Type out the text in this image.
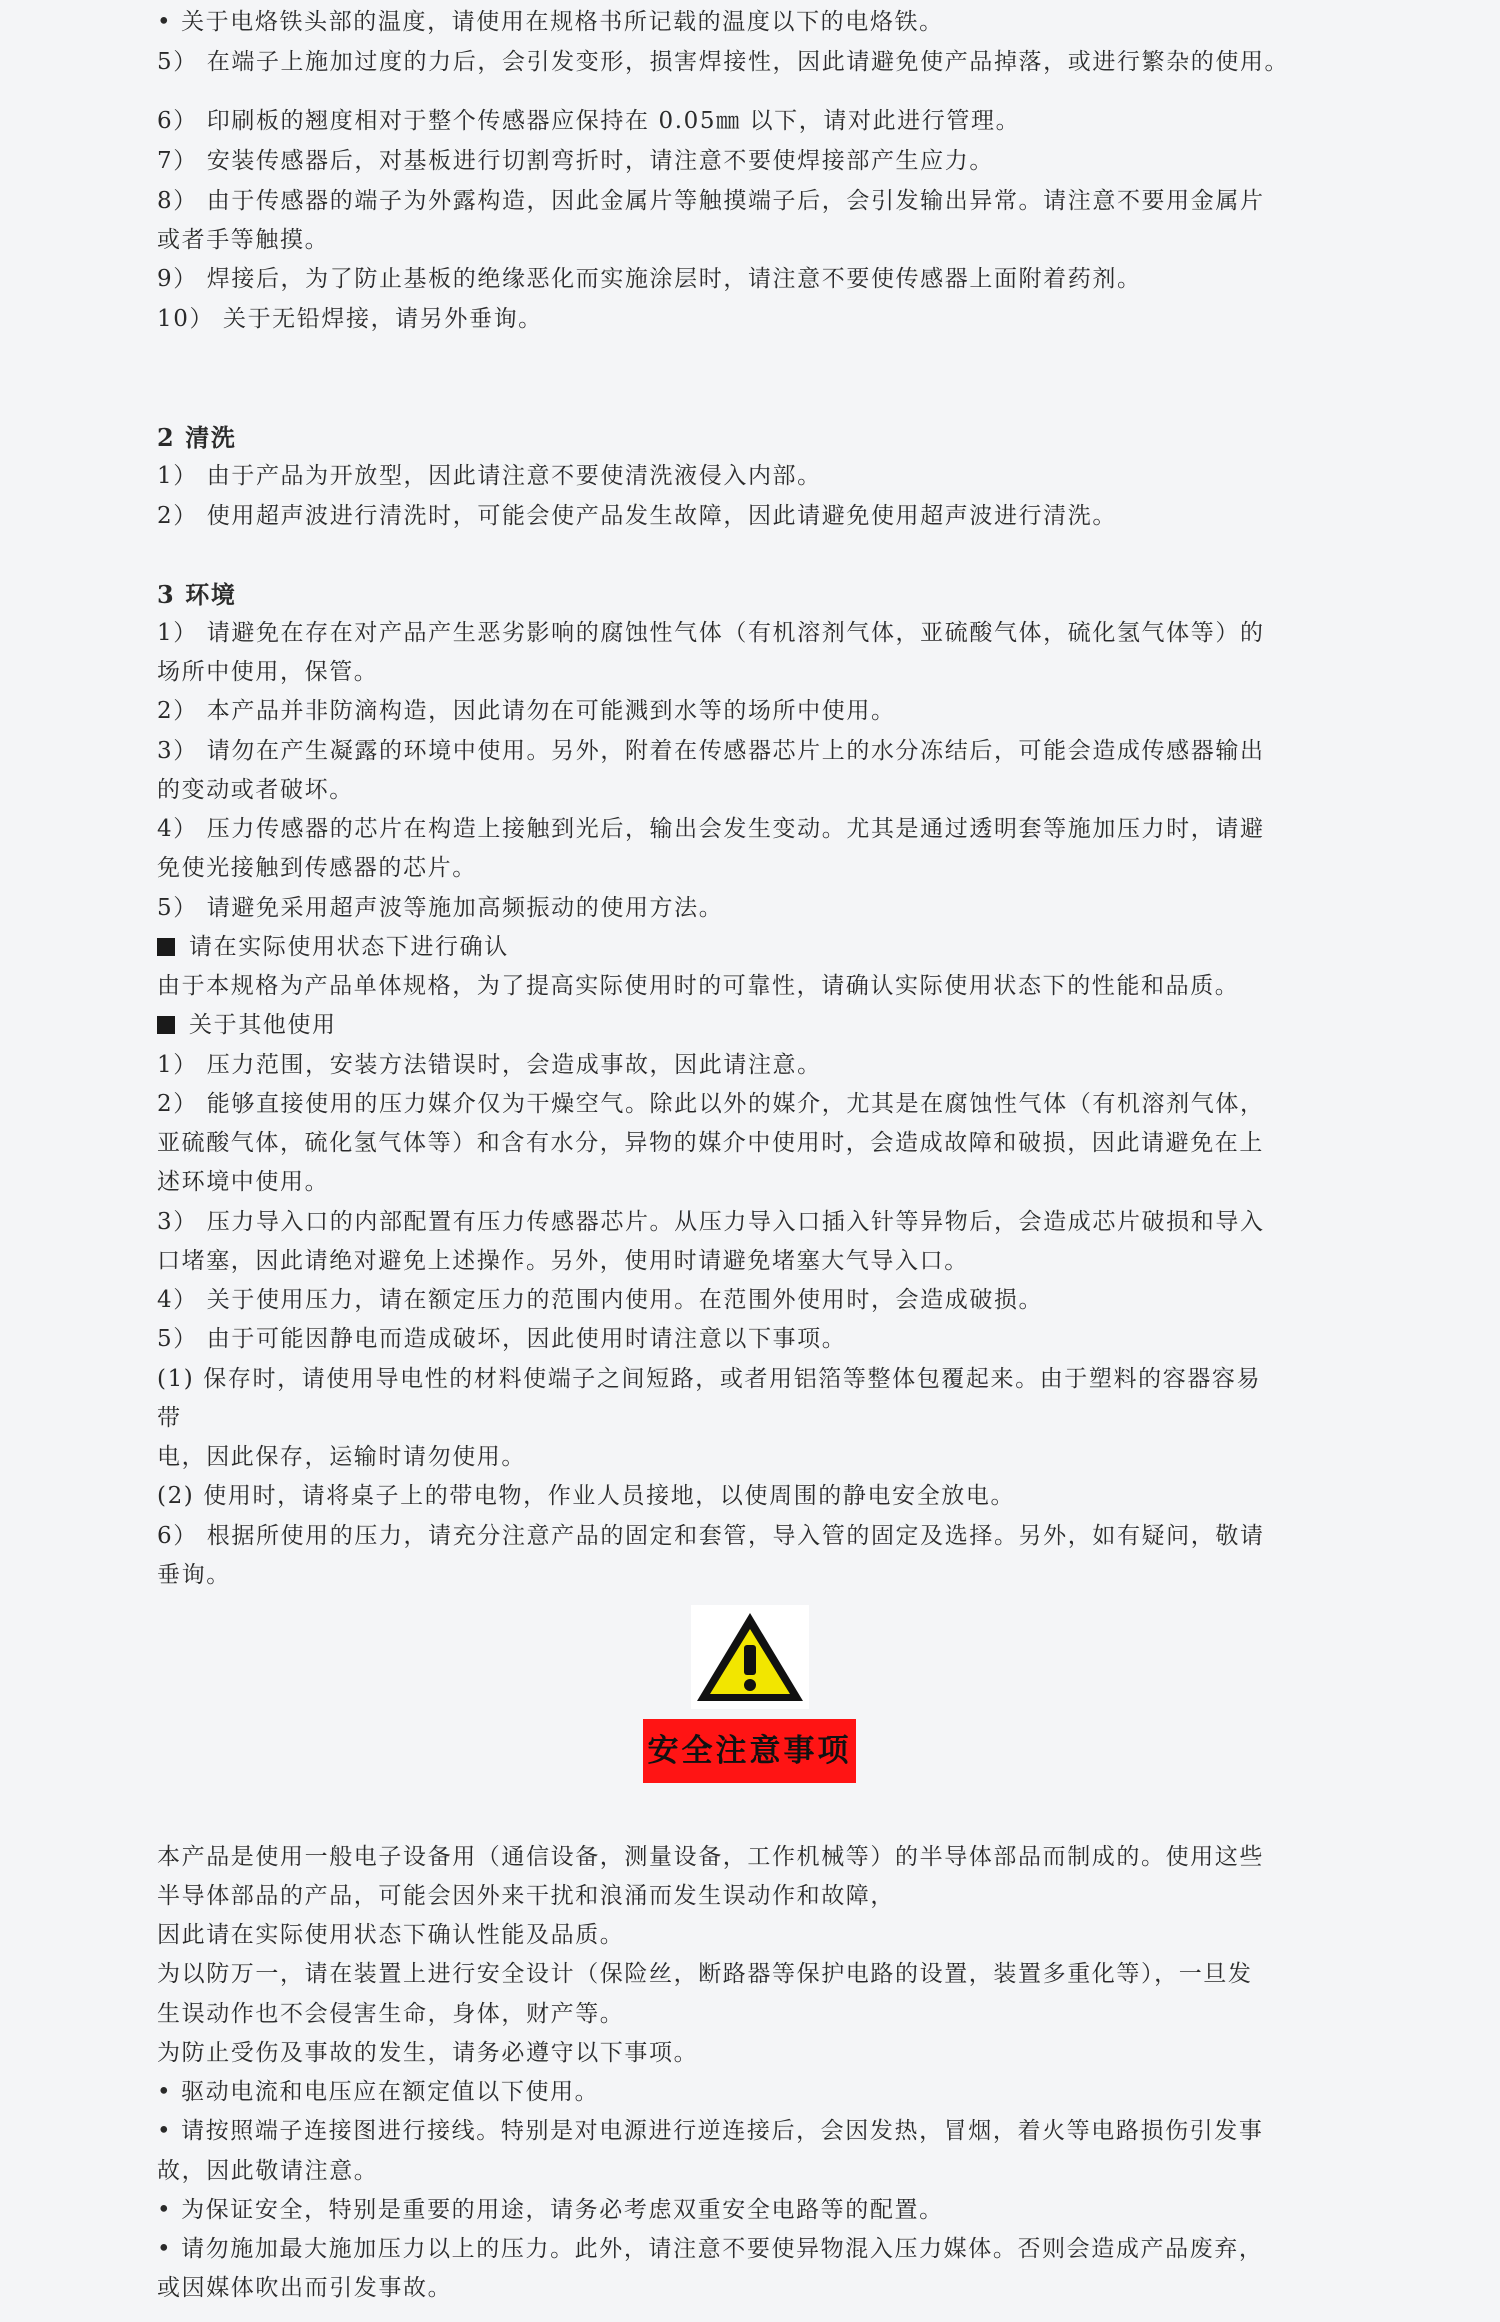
• 关于电烙铁头部的温度，请使用在规格书所记载的温度以下的电烙铁。
5） 在端子上施加过度的力后，会引发变形，损害焊接性，因此请避免使产品掉落，或进行繁杂的使用。
6） 印刷板的翘度相对于整个传感器应保持在 0.05㎜ 以下，请对此进行管理。
7） 安装传感器后，对基板进行切割弯折时，请注意不要使焊接部产生应力。
8） 由于传感器的端子为外露构造，因此金属片等触摸端子后，会引发输出异常。请注意不要用金属片
或者手等触摸。
9） 焊接后，为了防止基板的绝缘恶化而实施涂层时，请注意不要使传感器上面附着药剂。
10） 关于无铅焊接，请另外垂询。
2 清洗
1） 由于产品为开放型，因此请注意不要使清洗液侵入内部。
2） 使用超声波进行清洗时，可能会使产品发生故障，因此请避免使用超声波进行清洗。
3 环境
1） 请避免在存在对产品产生恶劣影响的腐蚀性气体（有机溶剂气体，亚硫酸气体，硫化氢气体等）的
场所中使用，保管。
2） 本产品并非防滴构造，因此请勿在可能溅到水等的场所中使用。
3） 请勿在产生凝露的环境中使用。另外，附着在传感器芯片上的水分冻结后，可能会造成传感器输出
的变动或者破坏。
4） 压力传感器的芯片在构造上接触到光后，输出会发生变动。尤其是通过透明套等施加压力时，请避
免使光接触到传感器的芯片。
5） 请避免采用超声波等施加高频振动的使用方法。
请在实际使用状态下进行确认
由于本规格为产品单体规格，为了提高实际使用时的可靠性，请确认实际使用状态下的性能和品质。
关于其他使用
1） 压力范围，安装方法错误时，会造成事故，因此请注意。
2） 能够直接使用的压力媒介仅为干燥空气。除此以外的媒介，尤其是在腐蚀性气体（有机溶剂气体，
亚硫酸气体，硫化氢气体等）和含有水分，异物的媒介中使用时，会造成故障和破损，因此请避免在上
述环境中使用。
3） 压力导入口的内部配置有压力传感器芯片。从压力导入口插入针等异物后，会造成芯片破损和导入
口堵塞，因此请绝对避免上述操作。另外，使用时请避免堵塞大气导入口。
4） 关于使用压力，请在额定压力的范围内使用。在范围外使用时，会造成破损。
5） 由于可能因静电而造成破坏，因此使用时请注意以下事项。
(1) 保存时，请使用导电性的材料使端子之间短路，或者用铝箔等整体包覆起来。由于塑料的容器容易
带
电，因此保存，运输时请勿使用。
(2) 使用时，请将桌子上的带电物，作业人员接地，以使周围的静电安全放电。
6） 根据所使用的压力，请充分注意产品的固定和套管，导入管的固定及选择。另外，如有疑问，敬请
垂询。
安全注意事项
本产品是使用一般电子设备用（通信设备，测量设备，工作机械等）的半导体部品而制成的。使用这些
半导体部品的产品，可能会因外来干扰和浪涌而发生误动作和故障，
因此请在实际使用状态下确认性能及品质。
为以防万一，请在装置上进行安全设计（保险丝，断路器等保护电路的设置，装置多重化等），一旦发
生误动作也不会侵害生命，身体，财产等。
为防止受伤及事故的发生，请务必遵守以下事项。
• 驱动电流和电压应在额定值以下使用。
• 请按照端子连接图进行接线。特别是对电源进行逆连接后，会因发热，冒烟，着火等电路损伤引发事
故，因此敬请注意。
• 为保证安全，特别是重要的用途，请务必考虑双重安全电路等的配置。
• 请勿施加最大施加压力以上的压力。此外，请注意不要使异物混入压力媒体。否则会造成产品废弃，
或因媒体吹出而引发事故。
